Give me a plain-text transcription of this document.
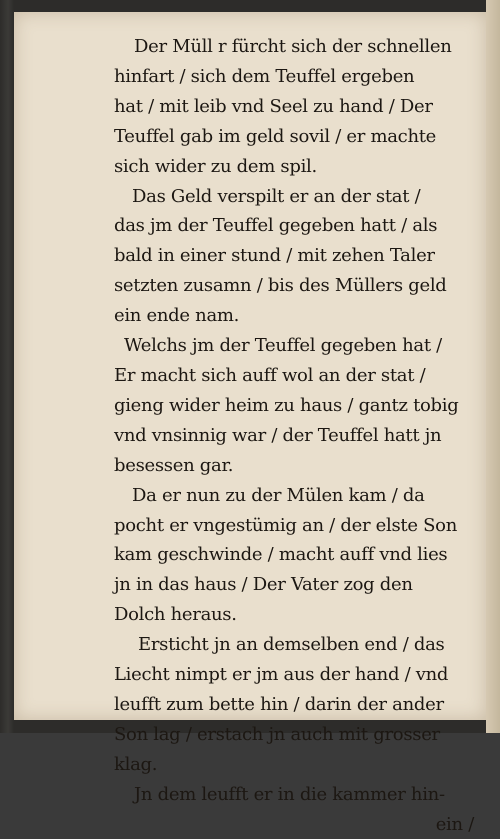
Der Müll r fürcht sich der schnellen
hinfart / sich dem Teuffel ergeben
hat / mit leib vnd Seel zu hand / Der
Teuffel gab im geld sovil / er machte
sich wider zu dem spil.
Das Geld verspilt er an der stat /
das jm der Teuffel gegeben hatt / als
bald in einer stund / mit zehen Taler
setzten zusamn / bis des Müllers geld
ein ende nam.
Welchs jm der Teuffel gegeben hat /
Er macht sich auff wol an der stat /
gieng wider heim zu haus / gantz tobig
vnd vnsinnig war / der Teuffel hatt jn
besessen gar.
Da er nun zu der Mülen kam / da
pocht er vngestümig an / der elste Son
kam geschwinde / macht auff vnd lies
jn in das haus / Der Vater zog den
Dolch heraus.
Ersticht jn an demselben end / das
Liecht nimpt er jm aus der hand / vnd
leufft zum bette hin / darin der ander
Son lag / erstach jn auch mit grosser
klag.
Jn dem leufft er in die kammer hin-
ein /
